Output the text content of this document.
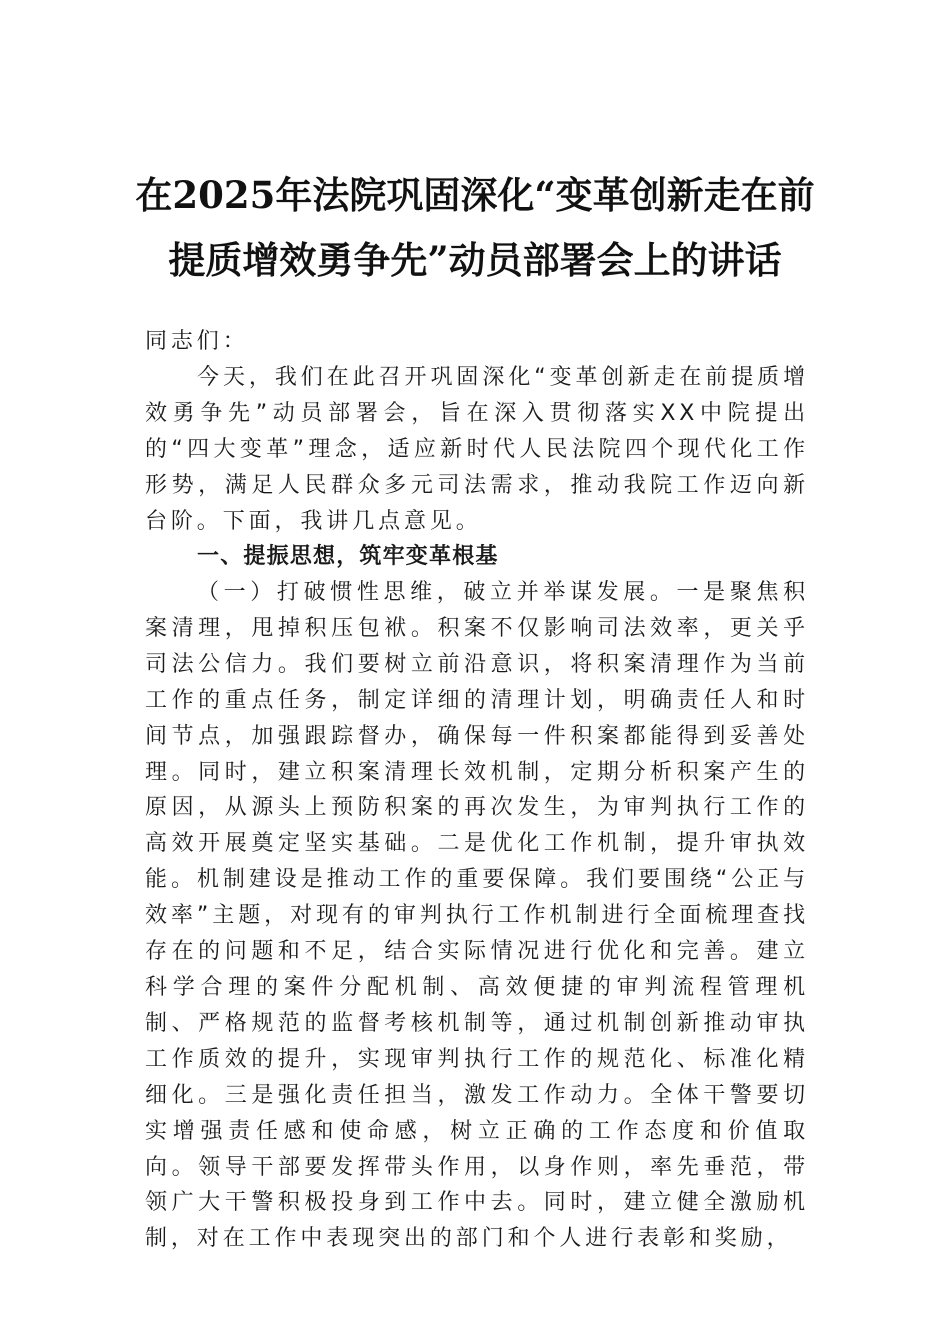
在2025年法院巩固深化“变革创新走在前
提质增效勇争先”动员部署会上的讲话

同志们：

今天，我们在此召开巩固深化“变革创新走在前提质增效勇争先”动员部署会，旨在深入贯彻落实XX中院提出的“四大变革”理念，适应新时代人民法院四个现代化工作形势，满足人民群众多元司法需求，推动我院工作迈向新台阶。下面，我讲几点意见。

一、提振思想，筑牢变革根基

（一）打破惯性思维，破立并举谋发展。一是聚焦积案清理，甩掉积压包袱。积案不仅影响司法效率，更关乎司法公信力。我们要树立前沿意识，将积案清理作为当前工作的重点任务，制定详细的清理计划，明确责任人和时间节点，加强跟踪督办，确保每一件积案都能得到妥善处理。同时，建立积案清理长效机制，定期分析积案产生的原因，从源头上预防积案的再次发生，为审判执行工作的高效开展奠定坚实基础。二是优化工作机制，提升审执效能。机制建设是推动工作的重要保障。我们要围绕“公正与效率”主题，对现有的审判执行工作机制进行全面梳理查找存在的问题和不足，结合实际情况进行优化和完善。建立科学合理的案件分配机制、高效便捷的审判流程管理机制、严格规范的监督考核机制等，通过机制创新推动审执工作质效的提升，实现审判执行工作的规范化、标准化精细化。三是强化责任担当，激发工作动力。全体干警要切实增强责任感和使命感，树立正确的工作态度和价值取向。领导干部要发挥带头作用，以身作则，率先垂范，带领广大干警积极投身到工作中去。同时，建立健全激励机制，对在工作中表现突出的部门和个人进行表彰和奖励，
